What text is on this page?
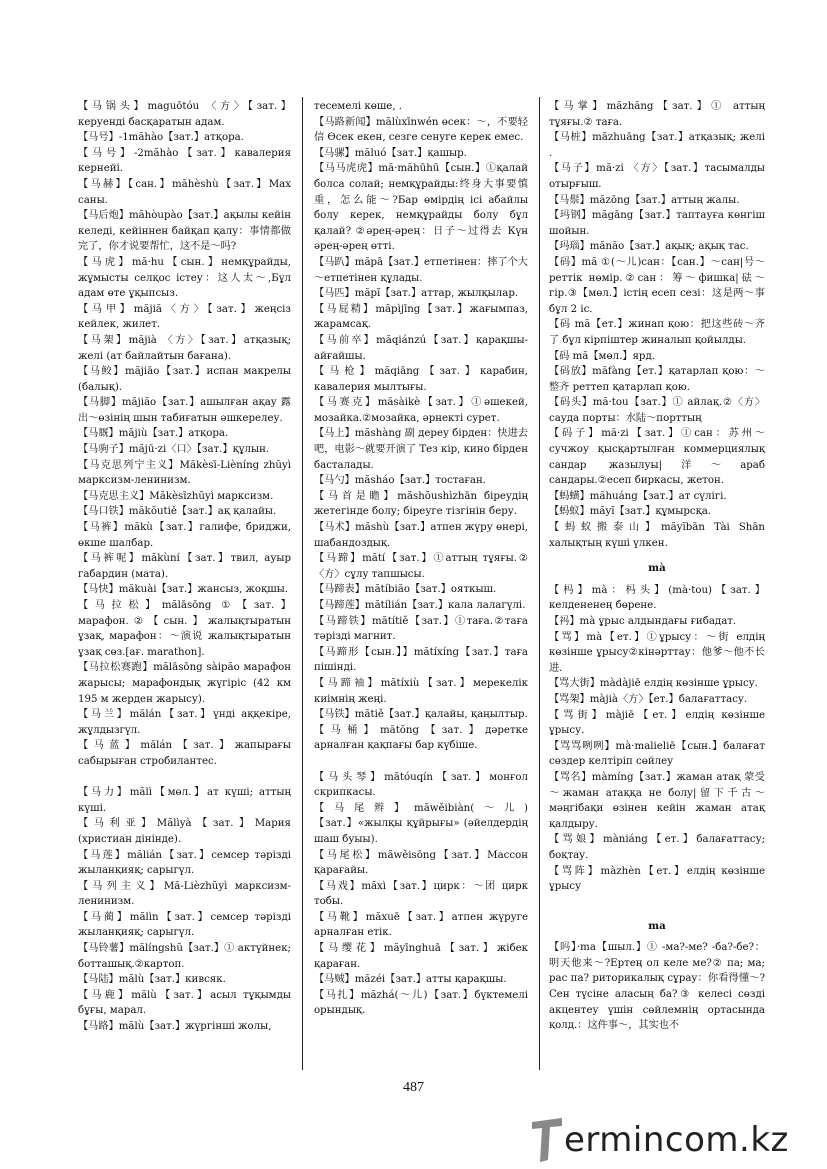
【马锅头】maguōtóu 〈方〉【зат.】керуенді басқаратын адам.

【马号】-1măhào【зат.】атқора.

【马号】-2măhào【зат.】кавалерия кернейі.

【马赫】【сан.】măhèshù【зат.】Мах саны.

【马后炮】măhòupào【зат.】ақылы кейін келеді, кейіннен байқап қалу：事情都做完了，你才说要帮忙，这不是～吗?

【马虎】mă·hu【сын.】немқұрайды, жұмысты селқос істеу：这人太～,Бұл адам өте ұқыпсыз.

【马甲】măjiă〈方〉【зат.】жеңсіз кейлек, жилет.

【马架】măjià 〈方〉【зат.】атқазық; желі (ат байлайтын бағана).

【马鲛】măjiāo【зат.】испан макрелы (балық).

【马脚】măjiăo【зат.】ашылған ақау 露出～өзінің шын табиғатын әшкерелеу.

【马厩】măjiù【зат.】атқора.

【马驹子】măjū·zi〈口〉【зат.】құлын.

【马克思列宁主义】Măkèsī-Lièníng zhŭyì марксизм-ленинизм.

【马克思主义】Măkèsīzhŭyì марксизм.

【马口铁】măkŏutiě【зат.】ақ қалайы.

【马裤】măkù【зат.】галифе, бриджи, өкше шалбар.

【马裤呢】măkùní【зат.】твил, ауыр габардин (мата).

【马快】măkuài【зат.】жансыз, жоқшы.

【马拉松】mălāsōng ①【зат.】марафон.②【сын.】жалықтыратын ұзақ, марафон：～演说 жалықтыратын ұзақ сөз.[ағ. marathon].

【马拉松赛跑】mălāsōng sàipăo марафон жарысы; марафондық жүгіріс (42 км 195 м жерден жарысу).

【马兰】mălán【зат.】үнді аққекіре, жұлдызгүл.

【马蓝】mălán【зат.】жапырағы сабырыған стробилантес.

【马力】mălì【мөл.】ат күші; аттың күші.

【马利亚】Mălìyà【зат.】Мария (христиан дінінде).

【马莲】mălián【зат.】семсер тәрізді жыланқияқ; сарыгүл.

【马列主义】Mă-Lièzhŭyì марксизм-ленинизм.

【马蔺】mălìn【зат.】семсер тәрізді жыланқияқ; сарыгүл.

【马铃薯】mălíngshŭ【зат.】① актүйнек; ботташық.②картоп.

【马陆】mălù【зат.】кивсяк.

【马鹿】mălù【зат.】асыл тұқымды бұғы, марал.

【马路】mălù【зат.】жүргінші жолы,

тесемелі көше, .

【马路新闻】mălùxīnwén өсек：～，不要轻信 Өсек екен, сезге сенуге керек емес.

【马骡】măluó【зат.】қашыр.

【马马虎虎】mă·măhūhū【сын.】①қалай болса солай; немқұрайды:终身大事要慎重，怎么能～?Бар өмірдің ісі абайлы болу керек, немқұрайды болу бұл қалай? ②әрең-әрең：日子～过得去 Күн әрең-әрең өтті.

【马趴】măpā【зат.】етпетінен：摔了个大～етпетінен құлады.

【马匹】măpĭ【зат.】аттар, жылқылар.

【马屁精】măpìjīng【зат.】жағымпаз, жарамсақ.

【马前卒】măqiánzú【зат.】қарақшы-айғайшы.

【马枪】măqiāng【зат.】карабин, кавалерия мылтығы.

【马赛克】măsàikè【зат.】①әшекей, мозайка.②мозайка, әрнекті сурет.

【马上】măshàng 副 дереу бірден：快进去吧，电影～就要开演了 Тез кір, кино бірден басталады.

【马勺】măsháo【зат.】тостаған.

【马首是瞻】măshŏushìzhān біреудің жетегінде болу; біреуге тізгінін беру.

【马术】măshù【зат.】атпен жүру өнері, шабандоздық.

【马蹄】mătí【зат.】①аттың тұяғы.②〈方〉сұлу тапшысы.

【马蹄表】mătíbiăo【зат.】ояткыш.

【马蹄莲】mătílián【зат.】кала лалагүлі.

【马蹄铁】mătítiě【зат.】①таға.②таға тәрізді магнит.

【马蹄形【сын.】】mătíxíng【зат.】таға пішінді.

【马蹄袖】mătíxiù【зат.】мерекелік киімнің жеңі.

【马铁】mătiě【зат.】қалайы, қаңылтыр.

【马桶】mătŏng【зат.】дәретке арналған қақпағы бар күбіше.

【马头琴】mătóuqín【зат.】монғол скрипкасы.

【马尾辫】măwěibiàn(～儿)【зат.】«жылқы құйрығы» (әйелдердің шаш буыы).

【马尾松】măwěisōng【зат.】Массон қарағайы.

【马戏】măxì【зат.】цирк：～团 цирк тобы.

【马靴】măxuē【зат.】атпен жүруге арналған етік.

【马缨花】măyīnghuā【зат.】жібек қараған.

【马贼】măzéi【зат.】атты қарақшы.

【马扎】măzhá(～儿)【зат.】бүктемелі орындық.

【马掌】măzhăng【зат.】① аттың тұяғы.② таға.

【马桩】măzhuāng【зат.】атқазық; желі .

【马子】mă·zi 〈方〉【зат.】тасымалды отырғыш.

【马鬃】măzōng【зат.】аттың жалы.

【玛钢】măgāng【зат.】таптауға көнгіш шойын.

【玛瑙】mănăo【зат.】ақық; ақық тас.

【码】mă ①(～儿)сан：【сан.】～сан|号～реттік нөмір.②сан：筹～фишка|砝～гір.③【мөл.】істің есеп сезі：这是两～事 бұл 2 іс.

【码 mă【ет.】жинап қою：把这些砖～齐了 бұл кірпіштер жиналып қойылды.

【码 mă【мөл.】ярд.

【码放】măfàng【ет.】қатарлап қою：～整齐 реттеп қатарлап қою.

【码头】mă·tou【зат.】① айлақ.②〈方〉сауда порты：水陆～порттың

【码子】mă·zi【зат.】①сан：苏州～сучжоу қысқартылған коммерциялық сандар жазылуы|洋～араб сандары.②есеп биркасы, жетон.

【蚂蟥】măhuáng【зат.】ат сүлігі.

【蚂蚁】măyĭ【зат.】құмырсқа.

【蚂蚁搬泰山】măyĭbān Tài Shān халықтың күші үлкен.

mà

【杩】mà：杩头】(mà·tou)【зат.】келдененең бөрене.

【祃】mà ұрыс алдындағы ғибадат.

【骂】mà【ет.】①ұрысу：～街 елдің көзінше ұрысу②кінәрттау：他爹～他不长进.

【骂大街】màdàjiē елдің көзінше ұрысу.

【骂架】màjià〈方〉【ет.】балағаттасу.

【骂街】màjiē【ет.】елдің көзінше ұрысу.

【骂骂咧咧】mà·malieliē【сын.】балағат сөздер келтіріп сөйлеу

【骂名】màmíng【зат.】жаман атақ 蒙受～жаман атаққа не болу|留下千古～мәңгібақи өзінен кейін жаман атақ қалдыру.

【骂娘】màniáng【ет.】балағаттасу; боқтау.

【骂阵】màzhèn【ет.】елдің көзінше ұрысу

ma

【吗】·ma【шыл.】① -ма?-ме? -ба?-бе?：明天他来～?Ертең ол келе ме?② па; ма; рас па? риторикалық сұрау：你看得懂～?Сен түсіне аласың ба?③ келесі сөзді акцентеу үшін сөйлемнің ортасында қолд.：这件事～，其实也不

487
ermincom.kz
